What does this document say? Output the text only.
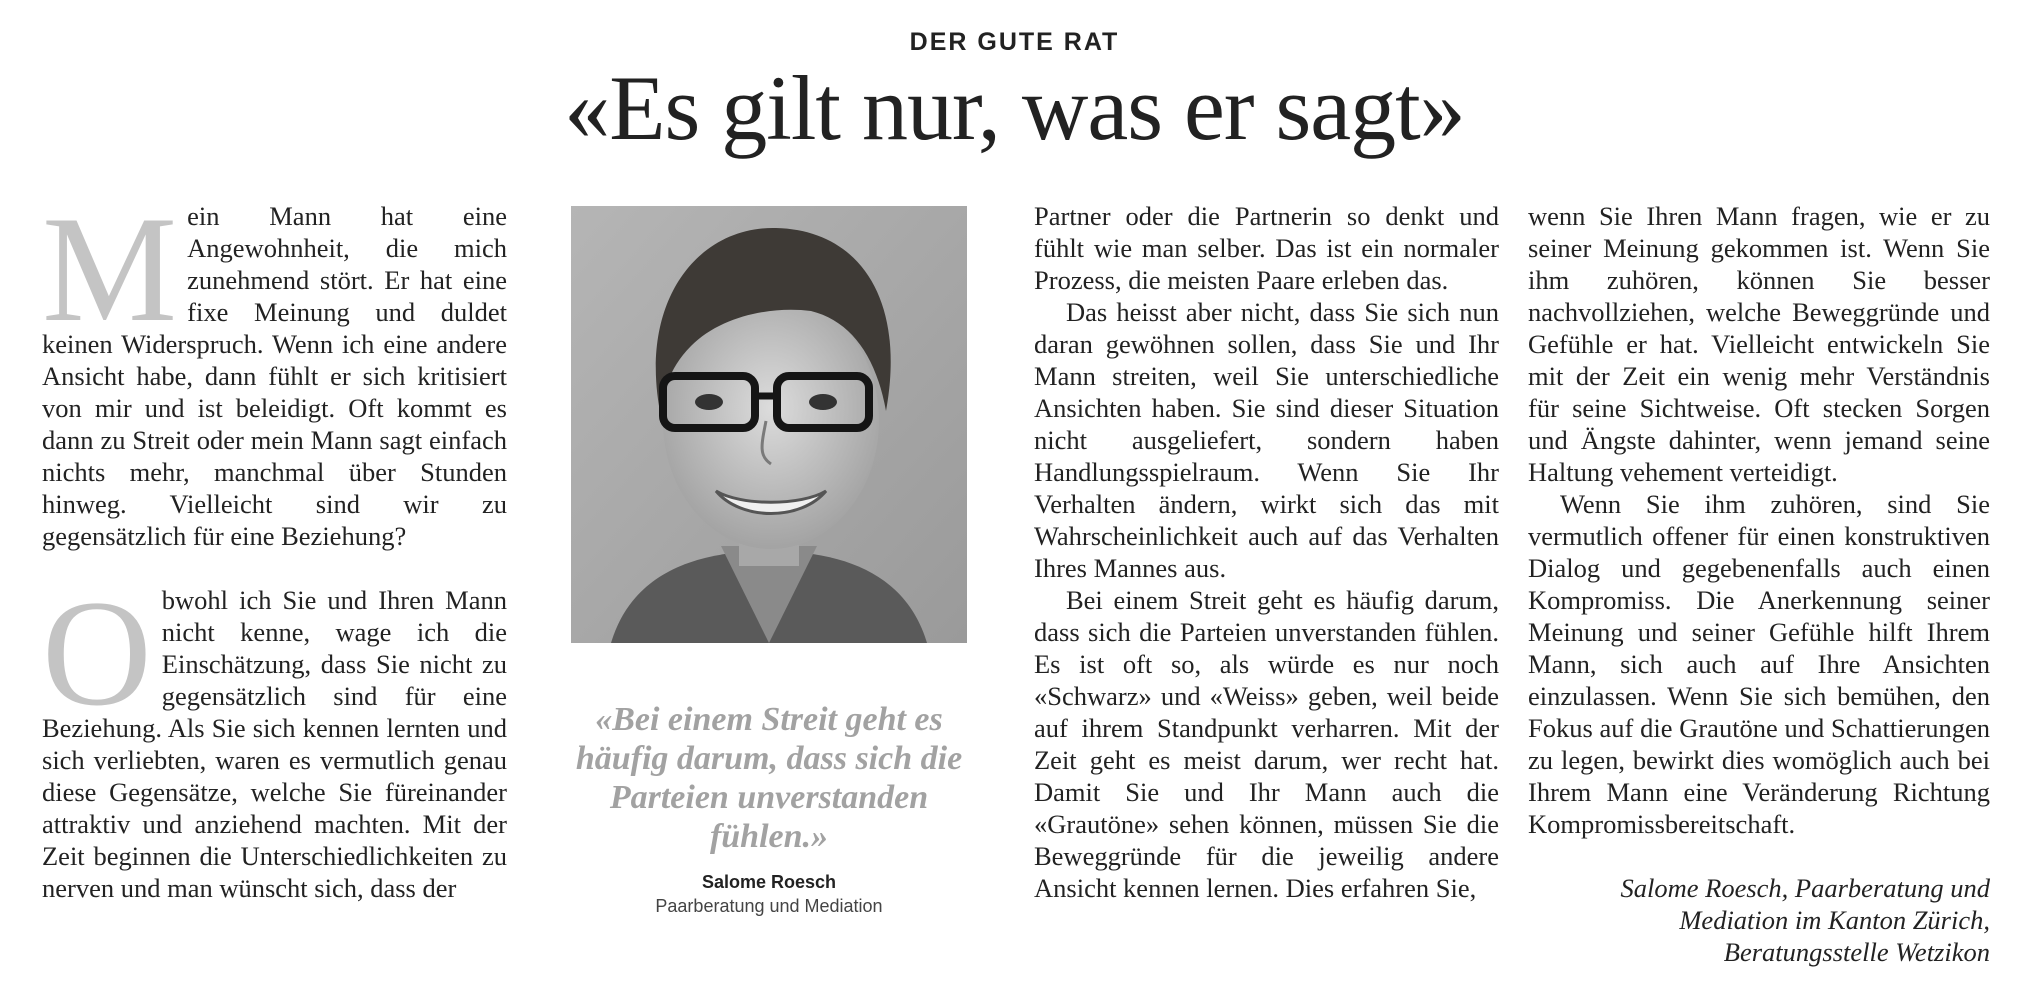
DER GUTE RAT
«Es gilt nur, was er sagt»

Mein Mann hat eine Angewohnheit, die mich zunehmend stört. Er hat eine fixe Meinung und duldet keinen Widerspruch. Wenn ich eine andere Ansicht habe, dann fühlt er sich kritisiert von mir und ist beleidigt. Oft kommt es dann zu Streit oder mein Mann sagt einfach nichts mehr, manchmal über Stunden hinweg. Vielleicht sind wir zu gegensätzlich für eine Beziehung?

Obwohl ich Sie und Ihren Mann nicht kenne, wage ich die Einschätzung, dass Sie nicht zu gegensätzlich sind für eine Beziehung. Als Sie sich kennen lernten und sich verliebten, waren es vermutlich genau diese Gegensätze, welche Sie füreinander attraktiv und anziehend machten. Mit der Zeit beginnen die Unterschiedlichkeiten zu nerven und man wünscht sich, dass der

«Bei einem Streit geht es häufig darum, dass sich die Parteien unverstanden fühlen.»
Salome Roesch
Paarberatung und Mediation

Partner oder die Partnerin so denkt und fühlt wie man selber. Das ist ein normaler Prozess, die meisten Paare erleben das.

Das heisst aber nicht, dass Sie sich nun daran gewöhnen sollen, dass Sie und Ihr Mann streiten, weil Sie unterschiedliche Ansichten haben. Sie sind dieser Situation nicht ausgeliefert, sondern haben Handlungsspielraum. Wenn Sie Ihr Verhalten ändern, wirkt sich das mit Wahrscheinlichkeit auch auf das Verhalten Ihres Mannes aus.

Bei einem Streit geht es häufig darum, dass sich die Parteien unverstanden fühlen. Es ist oft so, als würde es nur noch «Schwarz» und «Weiss» geben, weil beide auf ihrem Standpunkt verharren. Mit der Zeit geht es meist darum, wer recht hat. Damit Sie und Ihr Mann auch die «Grautöne» sehen können, müssen Sie die Beweggründe für die jeweilig andere Ansicht kennen lernen. Dies erfahren Sie,

wenn Sie Ihren Mann fragen, wie er zu seiner Meinung gekommen ist. Wenn Sie ihm zuhören, können Sie besser nachvollziehen, welche Beweggründe und Gefühle er hat. Vielleicht entwickeln Sie mit der Zeit ein wenig mehr Verständnis für seine Sichtweise. Oft stecken Sorgen und Ängste dahinter, wenn jemand seine Haltung vehement verteidigt.

Wenn Sie ihm zuhören, sind Sie vermutlich offener für einen konstruktiven Dialog und gegebenenfalls auch einen Kompromiss. Die Anerkennung seiner Meinung und seiner Gefühle hilft Ihrem Mann, sich auch auf Ihre Ansichten einzulassen. Wenn Sie sich bemühen, den Fokus auf die Grautöne und Schattierungen zu legen, bewirkt dies womöglich auch bei Ihrem Mann eine Veränderung Richtung Kompromissbereitschaft.

Salome Roesch, Paarberatung und
Mediation im Kanton Zürich,
Beratungsstelle Wetzikon
